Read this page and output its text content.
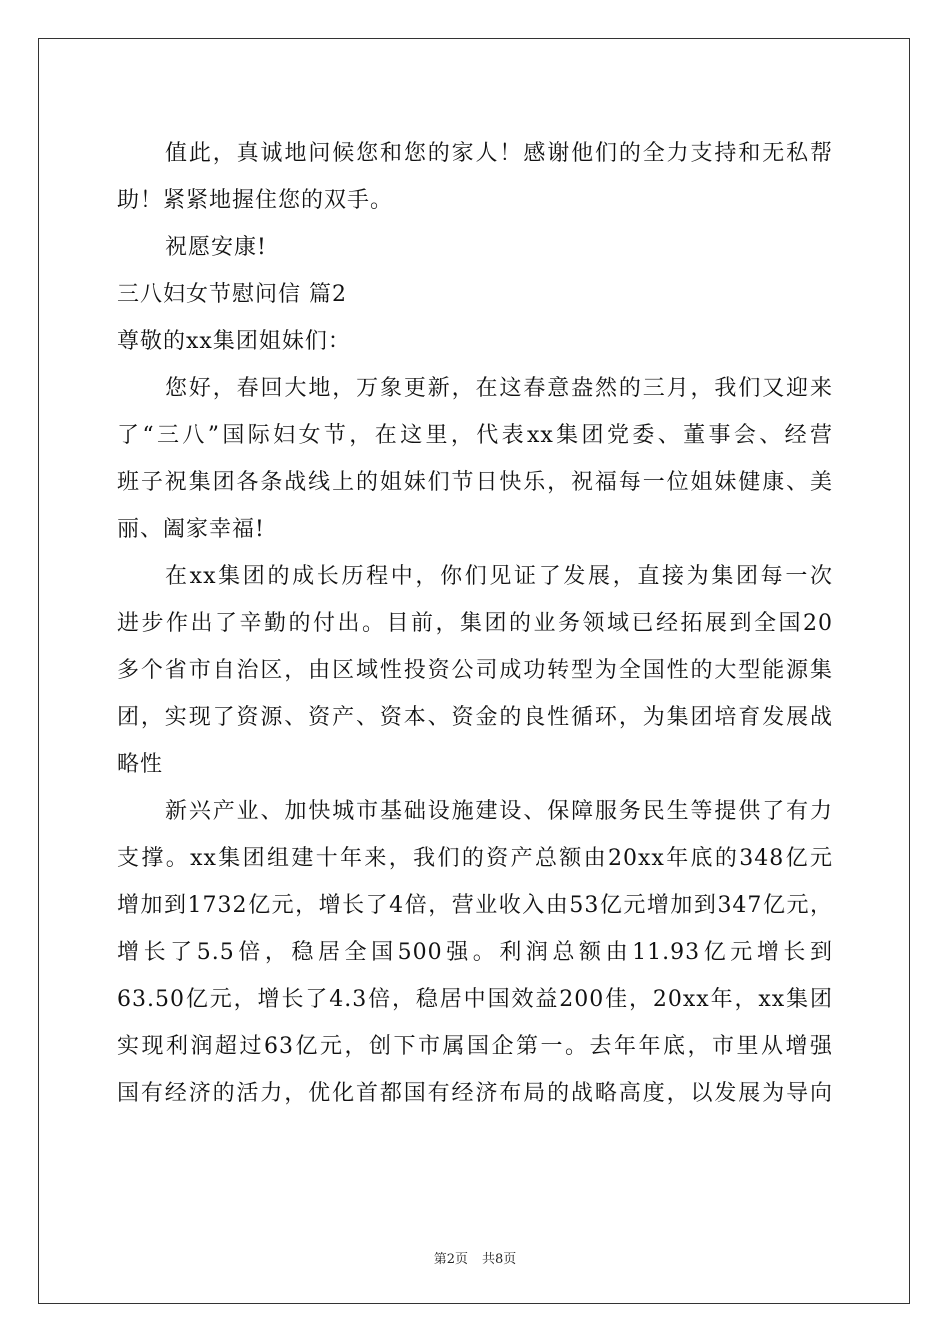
值此，真诚地问候您和您的家人！感谢他们的全力支持和无私帮
助！紧紧地握住您的双手。
祝愿安康!
三八妇女节慰问信 篇2
尊敬的xx集团姐妹们：
您好，春回大地，万象更新，在这春意盎然的三月，我们又迎来
了“三八”国际妇女节，在这里，代表xx集团党委、董事会、经营
班子祝集团各条战线上的姐妹们节日快乐，祝福每一位姐妹健康、美
丽、阖家幸福!
在xx集团的成长历程中，你们见证了发展，直接为集团每一次
进步作出了辛勤的付出。目前，集团的业务领域已经拓展到全国20
多个省市自治区，由区域性投资公司成功转型为全国性的大型能源集
团，实现了资源、资产、资本、资金的良性循环，为集团培育发展战
略性
新兴产业、加快城市基础设施建设、保障服务民生等提供了有力
支撑。xx集团组建十年来，我们的资产总额由20xx年底的348亿元
增加到1732亿元，增长了4倍，营业收入由53亿元增加到347亿元，
增长了5.5倍，稳居全国500强。利润总额由11.93亿元增长到
63.50亿元，增长了4.3倍，稳居中国效益200佳，20xx年，xx集团
实现利润超过63亿元，创下市属国企第一。去年年底，市里从增强
国有经济的活力，优化首都国有经济布局的战略高度，以发展为导向
第2页 共8页
